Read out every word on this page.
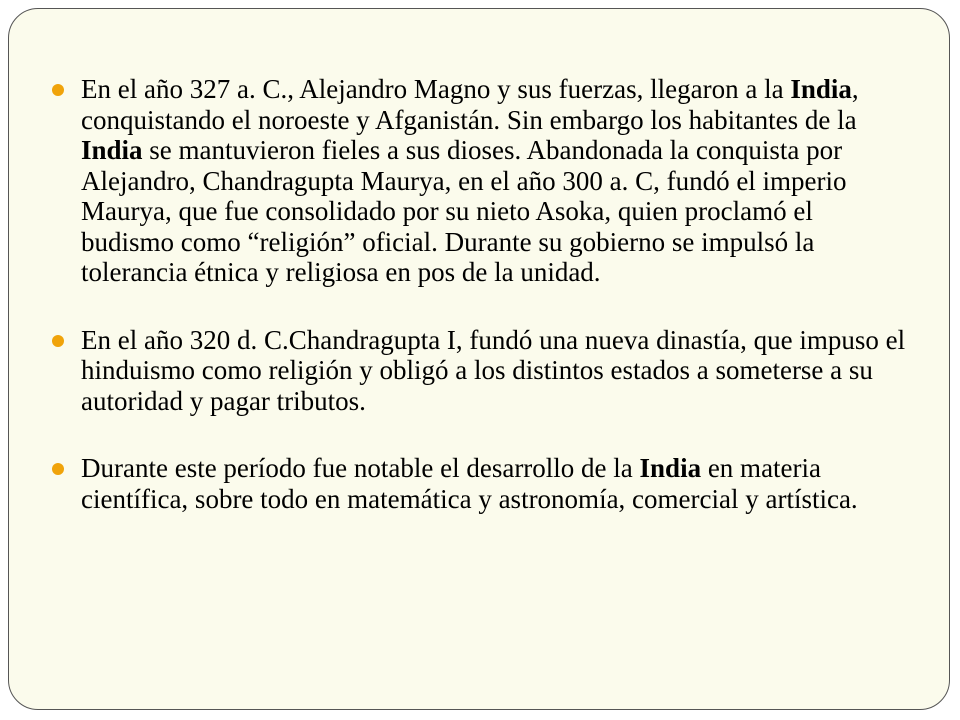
En el año 327 a. C., Alejandro Magno y sus fuerzas, llegaron a la India, conquistando el noroeste y Afganistán. Sin embargo los habitantes de la India se mantuvieron fieles a sus dioses. Abandonada la conquista por Alejandro, Chandragupta Maurya, en el año 300 a. C, fundó el imperio Maurya, que fue consolidado por su nieto Asoka, quien proclamó el budismo como “religión” oficial. Durante su gobierno se impulsó la tolerancia étnica y religiosa en pos de la unidad.
En el año 320 d. C.Chandragupta I, fundó una nueva dinastía, que impuso el hinduismo como religión y obligó a los distintos estados a someterse a su autoridad y pagar tributos.
Durante este período fue notable el desarrollo de la India en materia científica, sobre todo en matemática y astronomía, comercial y artística.
